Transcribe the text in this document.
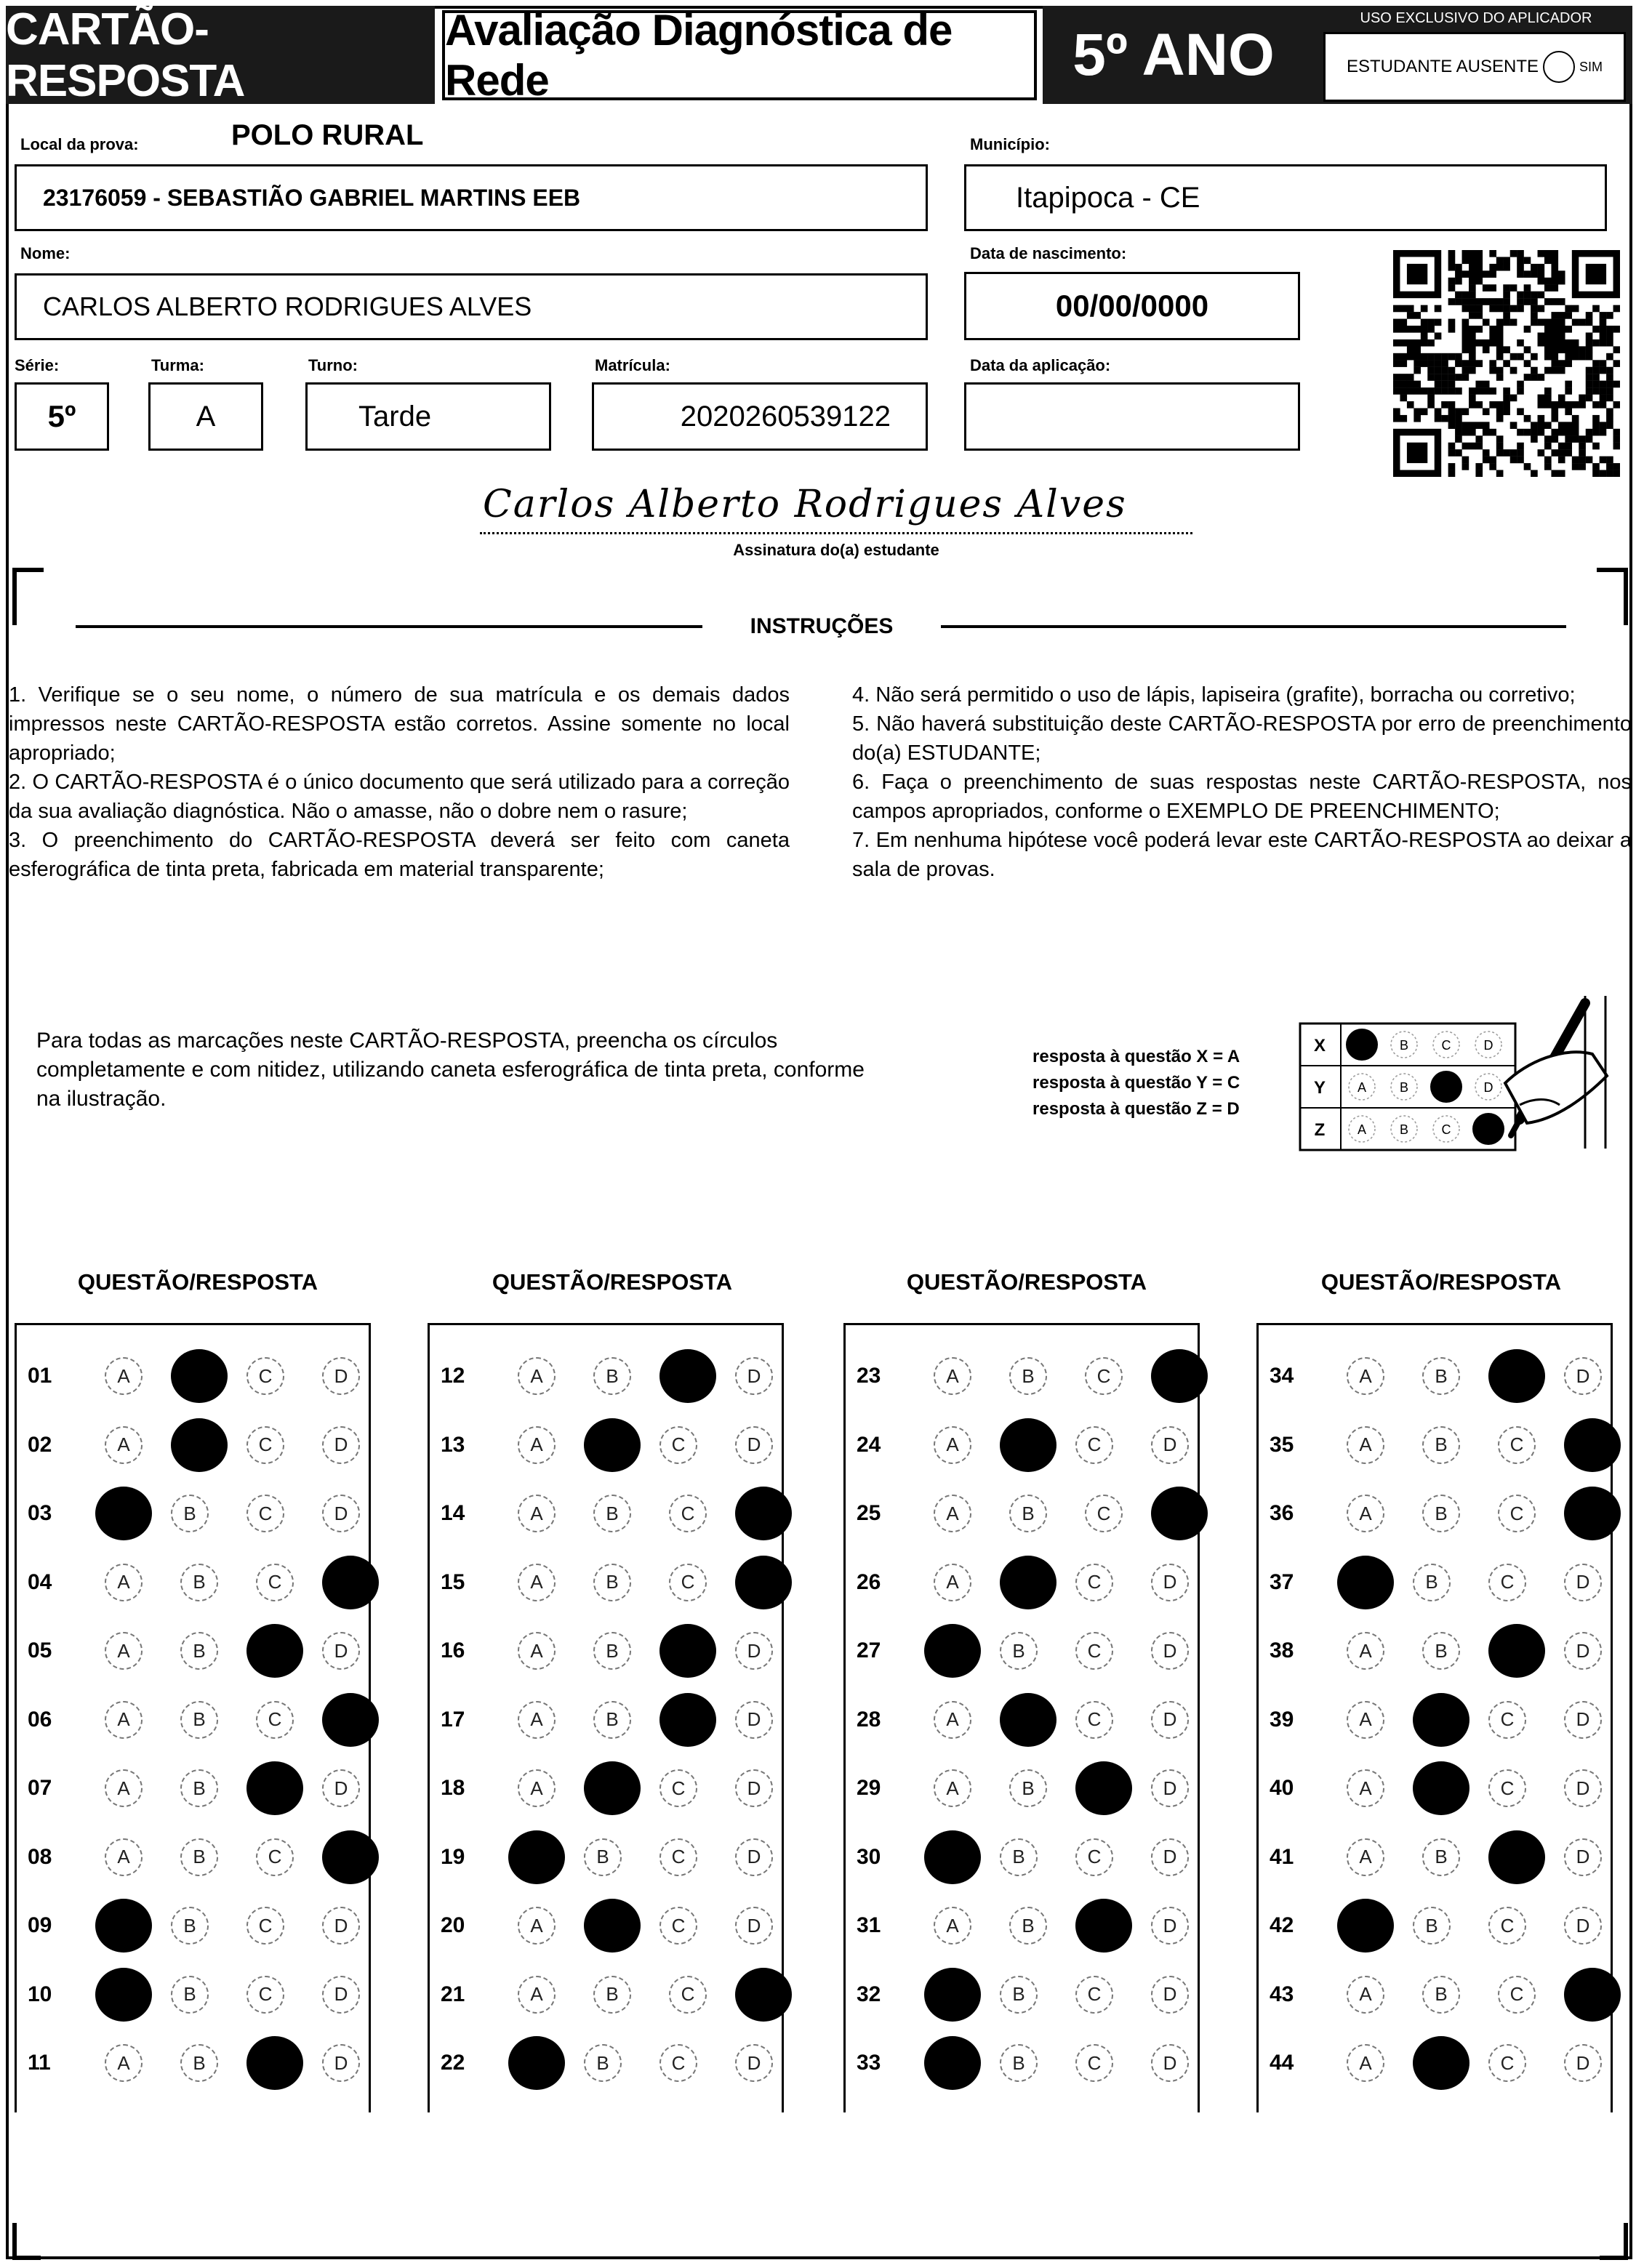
CARTÃO-RESPOSTA
Avaliação Diagnóstica de Rede	5º ANO
USO EXCLUSIVO DO APLICADOR
ESTUDANTE AUSENTE	SIM
Local da prova:	POLO RURAL
23176059 - SEBASTIÃO GABRIEL MARTINS EEB
Município:
Itapipoca - CE
Nome:
CARLOS ALBERTO RODRIGUES ALVES
Data de nascimento:
00/00/0000
Série:
5º
Turma:
A
Turno:
Tarde
Matrícula:
2020260539122
Data da aplicação:
Carlos Alberto Rodrigues Alves
Assinatura do(a) estudante
INSTRUÇÕES

1. Verifique se o seu nome, o número de sua matrícula e os demais dados impressos neste CARTÃO-RESPOSTA estão corretos. Assine somente no local apropriado;

2. O CARTÃO-RESPOSTA é o único documento que será utilizado para a correção da sua avaliação diagnóstica. Não o amasse, não o dobre nem o rasure;

3. O preenchimento do CARTÃO-RESPOSTA deverá ser feito com caneta esferográfica de tinta preta, fabricada em material transparente;

4. Não será permitido o uso de lápis, lapiseira (grafite), borracha ou corretivo;

5. Não haverá substituição deste CARTÃO-RESPOSTA por erro de preenchimento do(a) ESTUDANTE;

6. Faça o preenchimento de suas respostas neste CARTÃO-RESPOSTA, nos campos apropriados, conforme o EXEMPLO DE PREENCHIMENTO;

7. Em nenhuma hipótese você poderá levar este CARTÃO-RESPOSTA ao deixar a sala de provas.

Para todas as marcações neste CARTÃO-RESPOSTA, preencha os círculos completamente e com nitidez, utilizando caneta esferográfica de tinta preta, conforme na ilustração.
resposta à questão X = A
resposta à questão Y = C
resposta à questão Z = D
X	B	C	D
Y A	B	D
Z A	B	C
QUESTÃO/RESPOSTA	QUESTÃO/RESPOSTA	QUESTÃO/RESPOSTA	QUESTÃO/RESPOSTA
01	A	B	C	D
02	A	B	C	D
03	A	B	C	D
04	A	B	C	D
05	A	B	C	D
06	A	B	C	D
07	A	B	C	D
08	A	B	C	D
09	A	B	C	D
10	A	B	C	D
11	A	B	C	D
12	A	B	C	D
13	A	B	C	D
14	A	B	C	D
15	A	B	C	D
16	A	B	C	D
17	A	B	C	D
18	A	B	C	D
19	A	B	C	D
20	A	B	C	D
21	A	B	C	D
22	A	B	C	D
23	A	B	C	D
24	A	B	C	D
25	A	B	C	D
26	A	B	C	D
27	A	B	C	D
28	A	B	C	D
29	A	B	C	D
30	A	B	C	D
31	A	B	C	D
32	A	B	C	D
33	A	B	C	D
34	A	B	C	D
35	A	B	C	D
36	A	B	C	D
37	A	B	C	D
38	A	B	C	D
39	A	B	C	D
40	A	B	C	D
41	A	B	C	D
42	A	B	C	D
43	A	B	C	D
44	A	B	C	D
